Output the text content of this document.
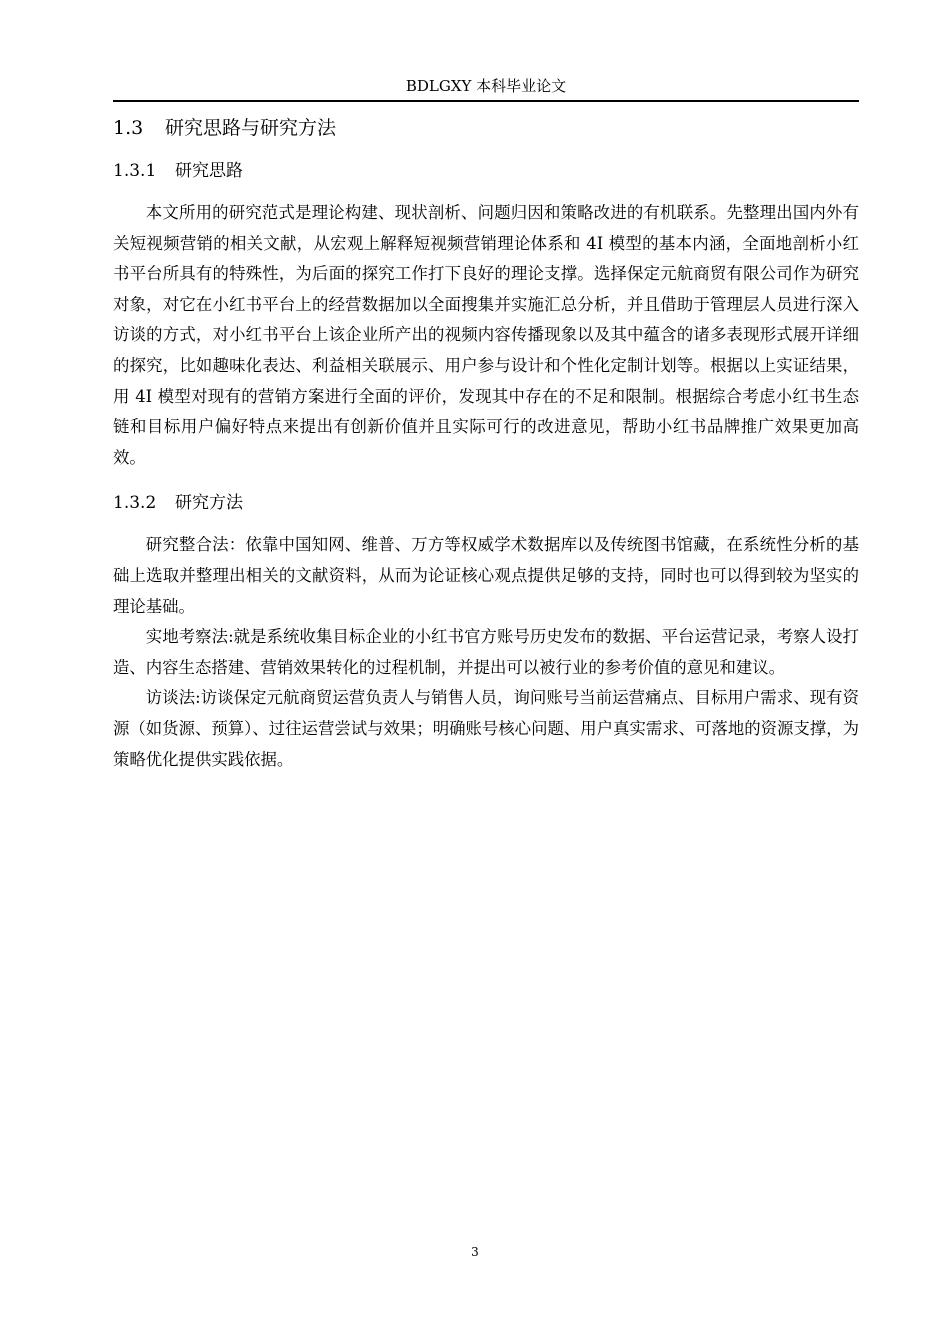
BDLGXY 本科毕业论文
1.3 研究思路与研究方法
1.3.1 研究思路

本文所用的研究范式是理论构建、现状剖析、问题归因和策略改进的有机联系。先整理出国内外有关短视频营销的相关文献，从宏观上解释短视频营销理论体系和 4I 模型的基本内涵，全面地剖析小红书平台所具有的特殊性，为后面的探究工作打下良好的理论支撑。选择保定元航商贸有限公司作为研究对象，对它在小红书平台上的经营数据加以全面搜集并实施汇总分析，并且借助于管理层人员进行深入访谈的方式，对小红书平台上该企业所产出的视频内容传播现象以及其中蕴含的诸多表现形式展开详细的探究，比如趣味化表达、利益相关联展示、用户参与设计和个性化定制计划等。根据以上实证结果，用 4I 模型对现有的营销方案进行全面的评价，发现其中存在的不足和限制。根据综合考虑小红书生态链和目标用户偏好特点来提出有创新价值并且实际可行的改进意见，帮助小红书品牌推广效果更加高效。

1.3.2 研究方法

研究整合法：依靠中国知网、维普、万方等权威学术数据库以及传统图书馆藏，在系统性分析的基础上选取并整理出相关的文献资料，从而为论证核心观点提供足够的支持，同时也可以得到较为坚实的理论基础。

实地考察法:就是系统收集目标企业的小红书官方账号历史发布的数据、平台运营记录，考察人设打造、内容生态搭建、营销效果转化的过程机制，并提出可以被行业的参考价值的意见和建议。

访谈法:访谈保定元航商贸运营负责人与销售人员，询问账号当前运营痛点、目标用户需求、现有资源（如货源、预算）、过往运营尝试与效果；明确账号核心问题、用户真实需求、可落地的资源支撑，为策略优化提供实践依据。

3
